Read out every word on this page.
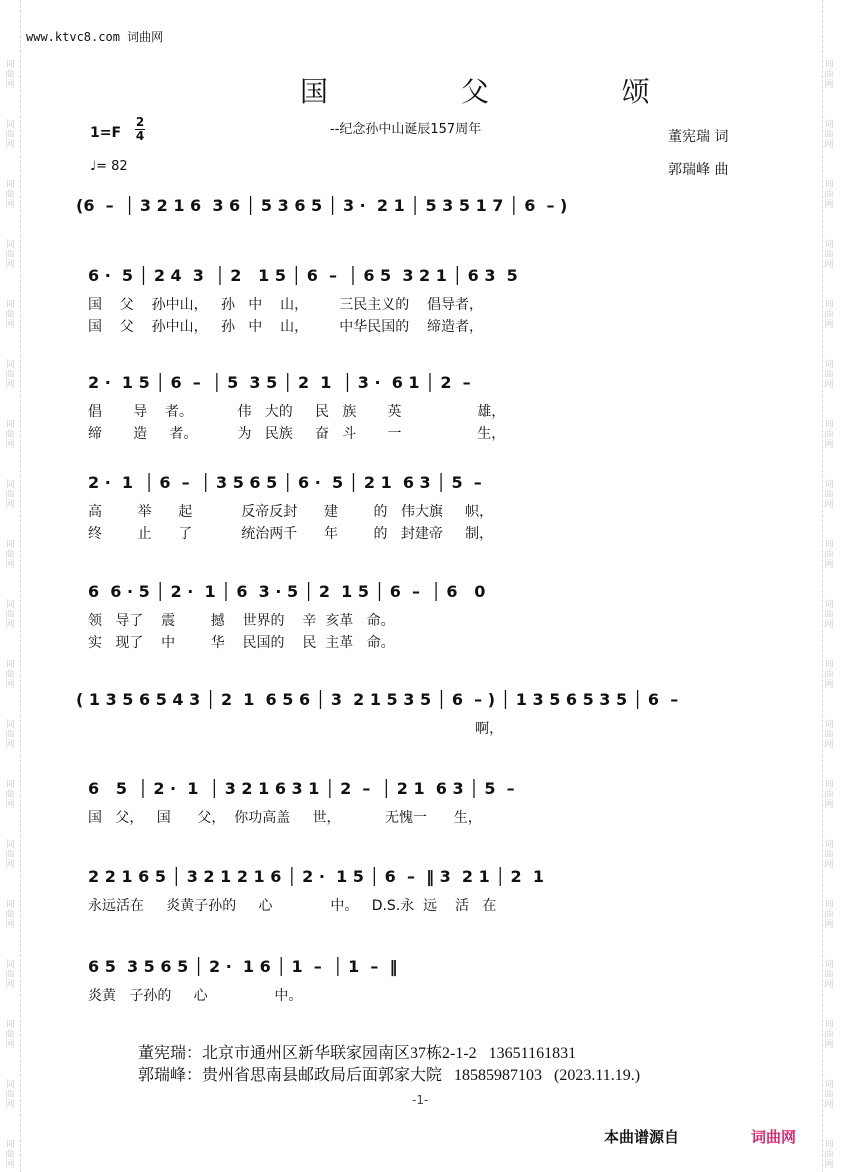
词
曲
网
词
曲
网
词
曲
网
词
曲
网
词
曲
网
词
曲
网
词
曲
网
词
曲
网
词
曲
网
词
曲
网
词
曲
网
词
曲
网
词
曲
网
词
曲
网
词
曲
网
词
曲
网
词
曲
网
词
曲
网
词
曲
网
词
曲
网
词
曲
网
词
曲
网
词
曲
网
词
曲
网
词
曲
网
词
曲
网
词
曲
网
词
曲
网
词
曲
网
词
曲
网
词
曲
网
词
曲
网
词
曲
网
词
曲
网
词
曲
网
词
曲
网
词
曲
网
词
曲
网
www.ktvc8.com 词曲网
国 父 颂
--纪念孙中山诞辰157周年
1=F
2
4
♩= 82
董宪瑞 词
郭瑞峰 曲
(6  –  │ 3 2 1 6  3 6 │ 5 3 6 5 │ 3 ·  2 1 │ 5 3 5 1 7 │ 6  – )
6 ·  5 │ 2 4  3  │ 2   1 5 │ 6  –  │ 6 5  3 2 1 │ 6 3  5
国    父    孙中山，   孙   中    山，       三民主义的    倡导者，
国    父    孙中山，   孙   中    山，       中华民国的    缔造者，
2 ·  1 5 │ 6  –  │ 5  3 5 │ 2  1  │ 3 ·  6 1 │ 2  –
倡       导    者。          伟   大的     民   族       英                 雄，
缔       造     者。         为   民族     奋   斗       一                 生，
2 ·  1  │ 6  –  │ 3 5 6 5 │ 6 ·  5 │ 2 1  6 3 │ 5  –
高        举      起           反帝反封      建        的   伟大旗     帜，
终        止      了           统治两千      年        的   封建帝     制，
6  6 · 5 │ 2 ·  1 │ 6  3 · 5 │ 2  1 5 │ 6  –  │ 6   0
领   导了    震        撼    世界的    辛  亥革   命。
实   现了    中        华    民国的    民  主革   命。
( 1 3 5 6 5 4 3 │ 2  1  6 5 6 │ 3  2 1 5 3 5 │ 6  – ) │ 1 3 5 6 5 3 5 │ 6  –
啊，
6   5  │ 2 ·  1  │ 3 2 1 6 3 1 │ 2  –  │ 2 1  6 3 │ 5  –
国   父，   国      父，  你功高盖     世，          无愧一      生，
2 2 1 6 5 │ 3 2 1 2 1 6 │ 2 ·  1 5 │ 6  –  ‖ 3  2 1 │ 2  1
永远活在     炎黄子孙的     心             中。   D.S.永  远    活   在
6 5  3 5 6 5 │ 2 ·  1 6 │ 1  –  │ 1  –  ‖
炎黄   子孙的     心               中。
董宪瑞：北京市通州区新华联家园南区37栋2-1-2   13651161831
郭瑞峰：贵州省思南县邮政局后面郭家大院   18585987103   (2023.11.19.)
-1-
本曲谱源自	词曲网
